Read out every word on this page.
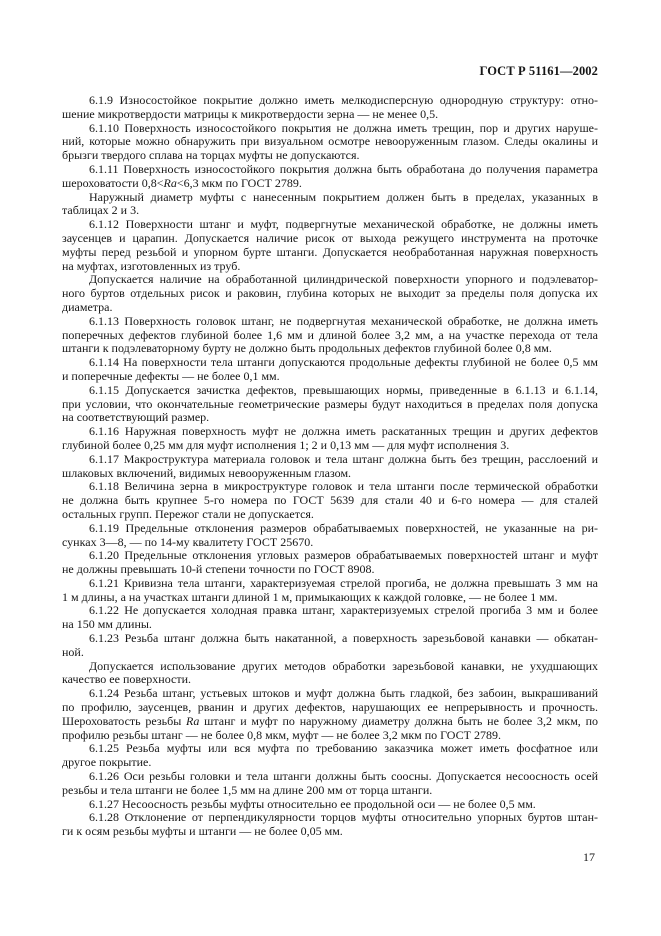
ГОСТ Р 51161—2002
6.1.9 Износостойкое покрытие должно иметь мелкодисперсную однородную структуру: отно-
шение микротвердости матрицы к микротвердости зерна — не менее 0,5.
6.1.10 Поверхность износостойкого покрытия не должна иметь трещин, пор и других наруше-
ний, которые можно обнаружить при визуальном осмотре невооруженным глазом. Следы окалины и
брызги твердого сплава на торцах муфты не допускаются.
6.1.11 Поверхность износостойкого покрытия должна быть обработана до получения параметра
шероховатости 0,8<Ra<6,3 мкм по ГОСТ 2789.
Наружный диаметр муфты с нанесенным покрытием должен быть в пределах, указанных в
таблицах 2 и 3.
6.1.12 Поверхности штанг и муфт, подвергнутые механической обработке, не должны иметь
заусенцев и царапин. Допускается наличие рисок от выхода режущего инструмента на проточке
муфты перед резьбой и упорном бурте штанги. Допускается необработанная наружная поверхность
на муфтах, изготовленных из труб.
Допускается наличие на обработанной цилиндрической поверхности упорного и подэлеватор-
ного буртов отдельных рисок и раковин, глубина которых не выходит за пределы поля допуска их
диаметра.
6.1.13 Поверхность головок штанг, не подвергнутая механической обработке, не должна иметь
поперечных дефектов глубиной более 1,6 мм и длиной более 3,2 мм, а на участке перехода от тела
штанги к подэлеваторному бурту не должно быть продольных дефектов глубиной более 0,8 мм.
6.1.14 На поверхности тела штанги допускаются продольные дефекты глубиной не более 0,5 мм
и поперечные дефекты — не более 0,1 мм.
6.1.15 Допускается зачистка дефектов, превышающих нормы, приведенные в 6.1.13 и 6.1.14,
при условии, что окончательные геометрические размеры будут находиться в пределах поля допуска
на соответствующий размер.
6.1.16 Наружная поверхность муфт не должна иметь раскатанных трещин и других дефектов
глубиной более 0,25 мм для муфт исполнения 1; 2 и 0,13 мм — для муфт исполнения 3.
6.1.17 Макроструктура материала головок и тела штанг должна быть без трещин, расслоений и
шлаковых включений, видимых невооруженным глазом.
6.1.18 Величина зерна в микроструктуре головок и тела штанги после термической обработки
не должна быть крупнее 5-го номера по ГОСТ 5639 для стали 40 и 6-го номера — для сталей
остальных групп. Пережог стали не допускается.
6.1.19 Предельные отклонения размеров обрабатываемых поверхностей, не указанные на ри-
сунках 3—8, — по 14-му квалитету ГОСТ 25670.
6.1.20 Предельные отклонения угловых размеров обрабатываемых поверхностей штанг и муфт
не должны превышать 10-й степени точности по ГОСТ 8908.
6.1.21 Кривизна тела штанги, характеризуемая стрелой прогиба, не должна превышать 3 мм на
1 м длины, а на участках штанги длиной 1 м, примыкающих к каждой головке, — не более 1 мм.
6.1.22 Не допускается холодная правка штанг, характеризуемых стрелой прогиба 3 мм и более
на 150 мм длины.
6.1.23 Резьба штанг должна быть накатанной, а поверхность зарезьбовой канавки — обкатан-
ной.
Допускается использование других методов обработки зарезьбовой канавки, не ухудшающих
качество ее поверхности.
6.1.24 Резьба штанг, устьевых штоков и муфт должна быть гладкой, без забоин, выкрашиваний
по профилю, заусенцев, рванин и других дефектов, нарушающих ее непрерывность и прочность.
Шероховатость резьбы Ra штанг и муфт по наружному диаметру должна быть не более 3,2 мкм, по
профилю резьбы штанг — не более 0,8 мкм, муфт — не более 3,2 мкм по ГОСТ 2789.
6.1.25 Резьба муфты или вся муфта по требованию заказчика может иметь фосфатное или
другое покрытие.
6.1.26 Оси резьбы головки и тела штанги должны быть соосны. Допускается несоосность осей
резьбы и тела штанги не более 1,5 мм на длине 200 мм от торца штанги.
6.1.27 Несоосность резьбы муфты относительно ее продольной оси — не более 0,5 мм.
6.1.28 Отклонение от перпендикулярности торцов муфты относительно упорных буртов штан-
ги к осям резьбы муфты и штанги — не более 0,05 мм.
17
